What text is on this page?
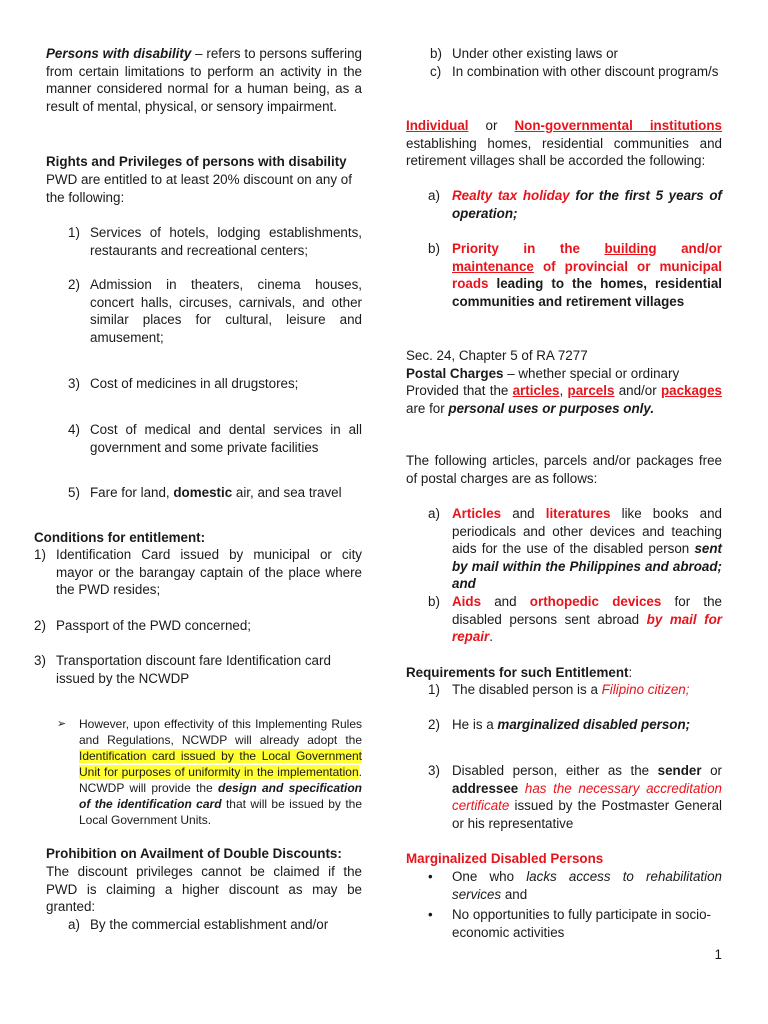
Persons with disability – refers to persons suffering from certain limitations to perform an activity in the manner considered normal for a human being, as a result of mental, physical, or sensory impairment.
Rights and Privileges of persons with disability
PWD are entitled to at least 20% discount on any of the following:
1) Services of hotels, lodging establishments, restaurants and recreational centers;
2) Admission in theaters, cinema houses, concert halls, circuses, carnivals, and other similar places for cultural, leisure and amusement;
3) Cost of medicines in all drugstores;
4) Cost of medical and dental services in all government and some private facilities
5) Fare for land, domestic air, and sea travel
Conditions for entitlement:
1) Identification Card issued by municipal or city mayor or the barangay captain of the place where the PWD resides;
2) Passport of the PWD concerned;
3) Transportation discount fare Identification card issued by the NCWDP
➢ However, upon effectivity of this Implementing Rules and Regulations, NCWDP will already adopt the Identification card issued by the Local Government Unit for purposes of uniformity in the implementation. NCWDP will provide the design and specification of the identification card that will be issued by the Local Government Units.
Prohibition on Availment of Double Discounts:
The discount privileges cannot be claimed if the PWD is claiming a higher discount as may be granted:
a) By the commercial establishment and/or
b) Under other existing laws or
c) In combination with other discount program/s
Individual or Non-governmental institutions establishing homes, residential communities and retirement villages shall be accorded the following:
a) Realty tax holiday for the first 5 years of operation;
b) Priority in the building and/or maintenance of provincial or municipal roads leading to the homes, residential communities and retirement villages
Sec. 24, Chapter 5 of RA 7277
Postal Charges – whether special or ordinary
Provided that the articles, parcels and/or packages are for personal uses or purposes only.
The following articles, parcels and/or packages free of postal charges are as follows:
a) Articles and literatures like books and periodicals and other devices and teaching aids for the use of the disabled person sent by mail within the Philippines and abroad; and
b) Aids and orthopedic devices for the disabled persons sent abroad by mail for repair.
Requirements for such Entitlement:
1) The disabled person is a Filipino citizen;
2) He is a marginalized disabled person;
3) Disabled person, either as the sender or addressee has the necessary accreditation certificate issued by the Postmaster General or his representative
Marginalized Disabled Persons
• One who lacks access to rehabilitation services and
• No opportunities to fully participate in socio-economic activities
1
